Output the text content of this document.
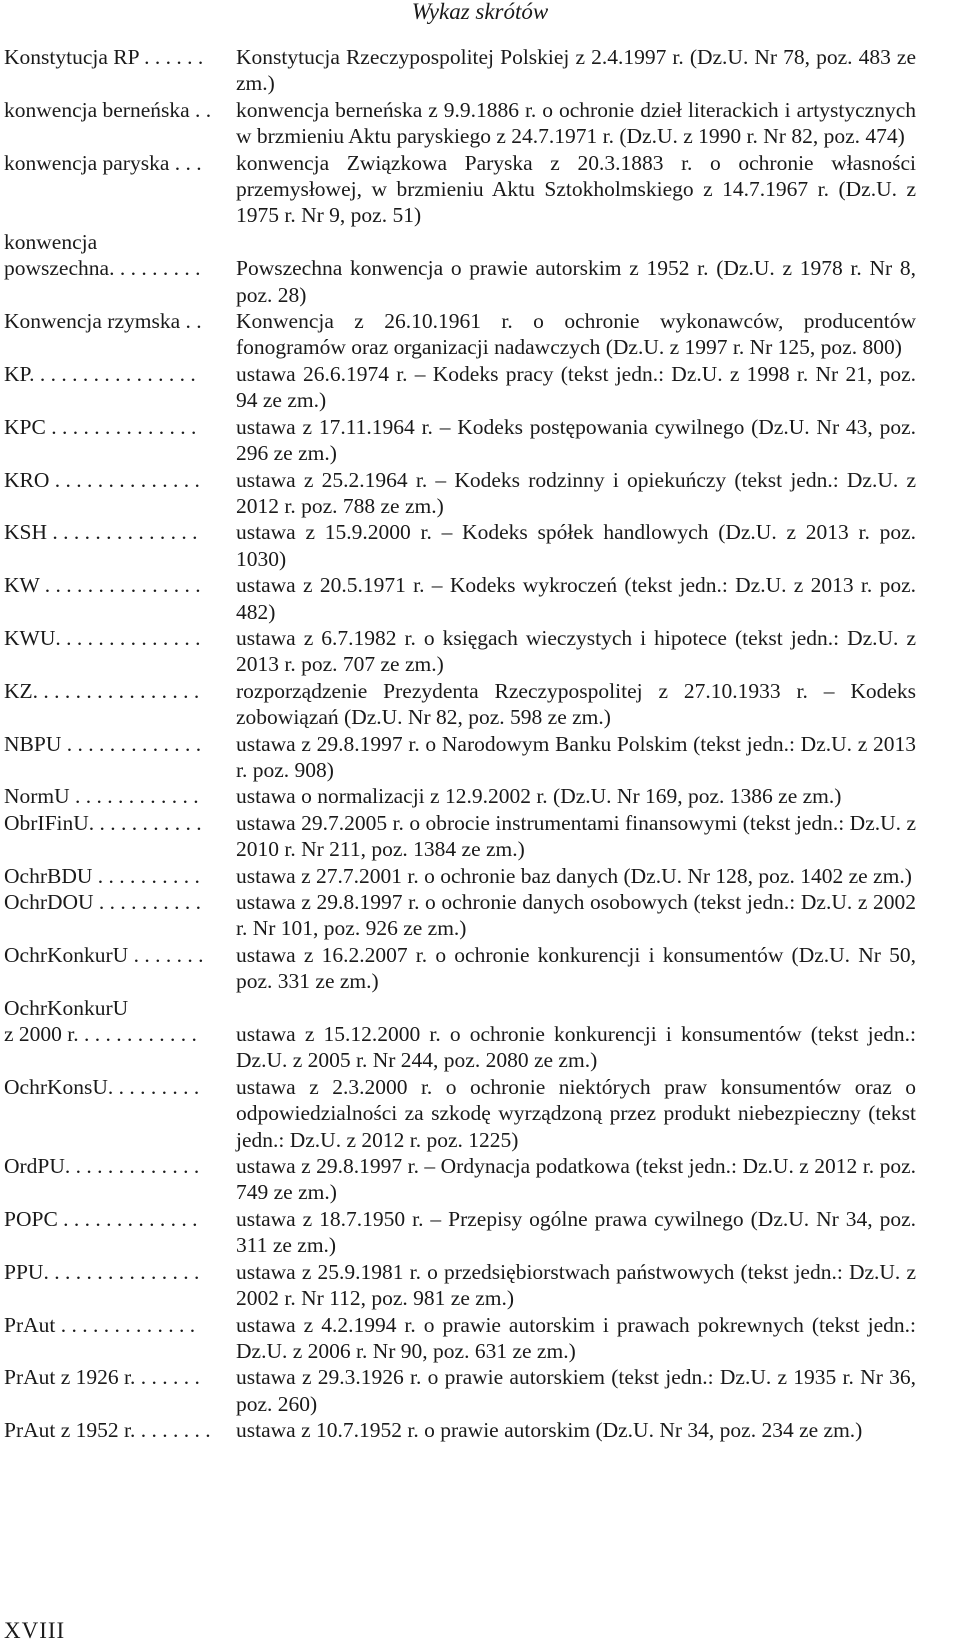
Wykaz skrótów
Konstytucja RP . . . . . .	Konstytucja Rzeczypospolitej Polskiej z 2.4.1997 r. (Dz.U. Nr 78, poz. 483 ze zm.)
konwencja berneńska . .	konwencja berneńska z 9.9.1886 r. o ochronie dzieł literackich i artystycznych w brzmieniu Aktu paryskiego z 24.7.1971 r. (Dz.U. z 1990 r. Nr 82, poz. 474)
konwencja paryska . . .	konwencja Związkowa Paryska z 20.3.1883 r. o ochronie własności przemysłowej, w brzmieniu Aktu Sztokholmskiego z 14.7.1967 r. (Dz.U. z 1975 r. Nr 9, poz. 51)
konwencja
powszechna. . . . . . . . .	Powszechna konwencja o prawie autorskim z 1952 r. (Dz.U. z 1978 r. Nr 8, poz. 28)
Konwencja rzymska . .	Konwencja z 26.10.1961 r. o ochronie wykonawców, producentów fonogramów oraz organizacji nadawczych (Dz.U. z 1997 r. Nr 125, poz. 800)
KP. . . . . . . . . . . . . . . .	ustawa 26.6.1974 r. – Kodeks pracy (tekst jedn.: Dz.U. z 1998 r. Nr 21, poz. 94 ze zm.)
KPC . . . . . . . . . . . . . .	ustawa z 17.11.1964 r. – Kodeks postępowania cywilnego (Dz.U. Nr 43, poz. 296 ze zm.)
KRO . . . . . . . . . . . . . .	ustawa z 25.2.1964 r. – Kodeks rodzinny i opiekuńczy (tekst jedn.: Dz.U. z 2012 r. poz. 788 ze zm.)
KSH . . . . . . . . . . . . . .	ustawa z 15.9.2000 r. – Kodeks spółek handlowych (Dz.U. z 2013 r. poz. 1030)
KW . . . . . . . . . . . . . . .	ustawa z 20.5.1971 r. – Kodeks wykroczeń (tekst jedn.: Dz.U. z 2013 r. poz. 482)
KWU. . . . . . . . . . . . . .	ustawa z 6.7.1982 r. o księgach wieczystych i hipotece (tekst jedn.: Dz.U. z 2013 r. poz. 707 ze zm.)
KZ. . . . . . . . . . . . . . . .	rozporządzenie Prezydenta Rzeczypospolitej z 27.10.1933 r. – Kodeks zobowiązań (Dz.U. Nr 82, poz. 598 ze zm.)
NBPU . . . . . . . . . . . . .	ustawa z 29.8.1997 r. o Narodowym Banku Polskim (tekst jedn.: Dz.U. z 2013 r. poz. 908)
NormU . . . . . . . . . . . .	ustawa o normalizacji z 12.9.2002 r. (Dz.U. Nr 169, poz. 1386 ze zm.)
ObrIFinU. . . . . . . . . . .	ustawa 29.7.2005 r. o obrocie instrumentami finansowymi (tekst jedn.: Dz.U. z 2010 r. Nr 211, poz. 1384 ze zm.)
OchrBDU . . . . . . . . . .	ustawa z 27.7.2001 r. o ochronie baz danych (Dz.U. Nr 128, poz. 1402 ze zm.)
OchrDOU . . . . . . . . . .	ustawa z 29.8.1997 r. o ochronie danych osobowych (tekst jedn.: Dz.U. z 2002 r. Nr 101, poz. 926 ze zm.)
OchrKonkurU . . . . . . .	ustawa z 16.2.2007 r. o ochronie konkurencji i konsumentów (Dz.U. Nr 50, poz. 331 ze zm.)
OchrKonkurU
z 2000 r. . . . . . . . . . . .	ustawa z 15.12.2000 r. o ochronie konkurencji i konsumentów (tekst jedn.: Dz.U. z 2005 r. Nr 244, poz. 2080 ze zm.)
OchrKonsU. . . . . . . . .	ustawa z 2.3.2000 r. o ochronie niektórych praw konsumentów oraz o odpowiedzialności za szkodę wyrządzoną przez produkt niebezpieczny (tekst jedn.: Dz.U. z 2012 r. poz. 1225)
OrdPU. . . . . . . . . . . . .	ustawa z 29.8.1997 r. – Ordynacja podatkowa (tekst jedn.: Dz.U. z 2012 r. poz. 749 ze zm.)
POPC . . . . . . . . . . . . .	ustawa z 18.7.1950 r. – Przepisy ogólne prawa cywilnego (Dz.U. Nr 34, poz. 311 ze zm.)
PPU. . . . . . . . . . . . . . .	ustawa z 25.9.1981 r. o przedsiębiorstwach państwowych (tekst jedn.: Dz.U. z 2002 r. Nr 112, poz. 981 ze zm.)
PrAut . . . . . . . . . . . . .	ustawa z 4.2.1994 r. o prawie autorskim i prawach pokrewnych (tekst jedn.: Dz.U. z 2006 r. Nr 90, poz. 631 ze zm.)
PrAut z 1926 r. . . . . . .	ustawa z 29.3.1926 r. o prawie autorskiem (tekst jedn.: Dz.U. z 1935 r. Nr 36, poz. 260)
PrAut z 1952 r. . . . . . . .	ustawa z 10.7.1952 r. o prawie autorskim (Dz.U. Nr 34, poz. 234 ze zm.)
XVIII
